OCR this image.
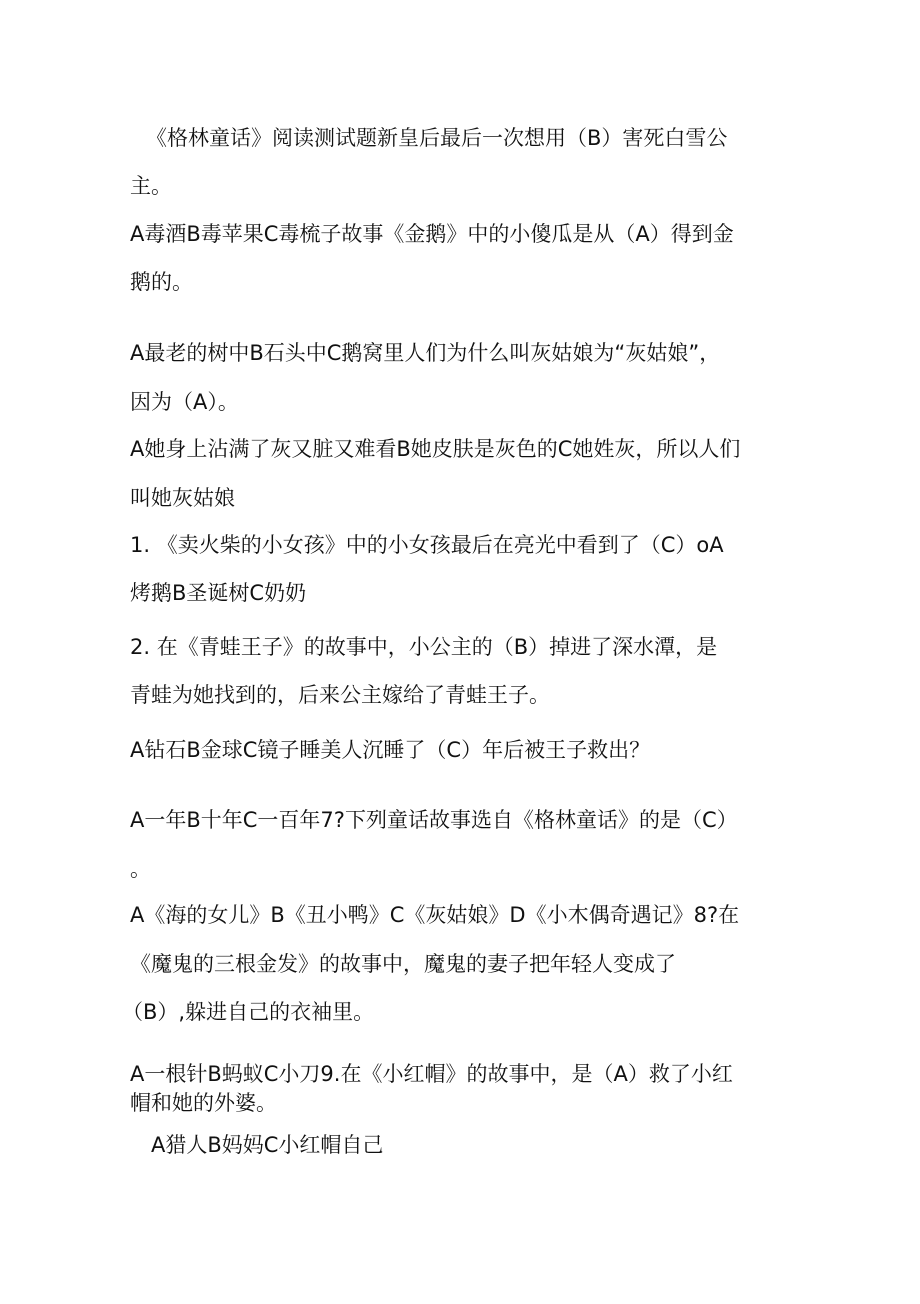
《格林童话》阅读测试题新皇后最后一次想用（B）害死白雪公
主。
A毒酒B毒苹果C毒梳子故事《金鹅》中的小傻瓜是从（A）得到金
鹅的。
A最老的树中B石头中C鹅窝里人们为什么叫灰姑娘为“灰姑娘”，
因为（A）。
A她身上沾满了灰又脏又难看B她皮肤是灰色的C她姓灰，所以人们
叫她灰姑娘
1. 《卖火柴的小女孩》中的小女孩最后在亮光中看到了（C）oA
烤鹅B圣诞树C奶奶
2. 在《青蛙王子》的故事中，小公主的（B）掉进了深水潭，是
青蛙为她找到的，后来公主嫁给了青蛙王子。
A钻石B金球C镜子睡美人沉睡了（C）年后被王子救出？
A一年B十年C一百年7?下列童话故事选自《格林童话》的是（C）
。
A《海的女儿》B《丑小鸭》C《灰姑娘》D《小木偶奇遇记》8?在
《魔鬼的三根金发》的故事中，魔鬼的妻子把年轻人变成了
（B）,躲进自己的衣袖里。
A一根针B蚂蚁C小刀9.在《小红帽》的故事中，是（A）救了小红
帽和她的外婆。
A猎人B妈妈C小红帽自己
